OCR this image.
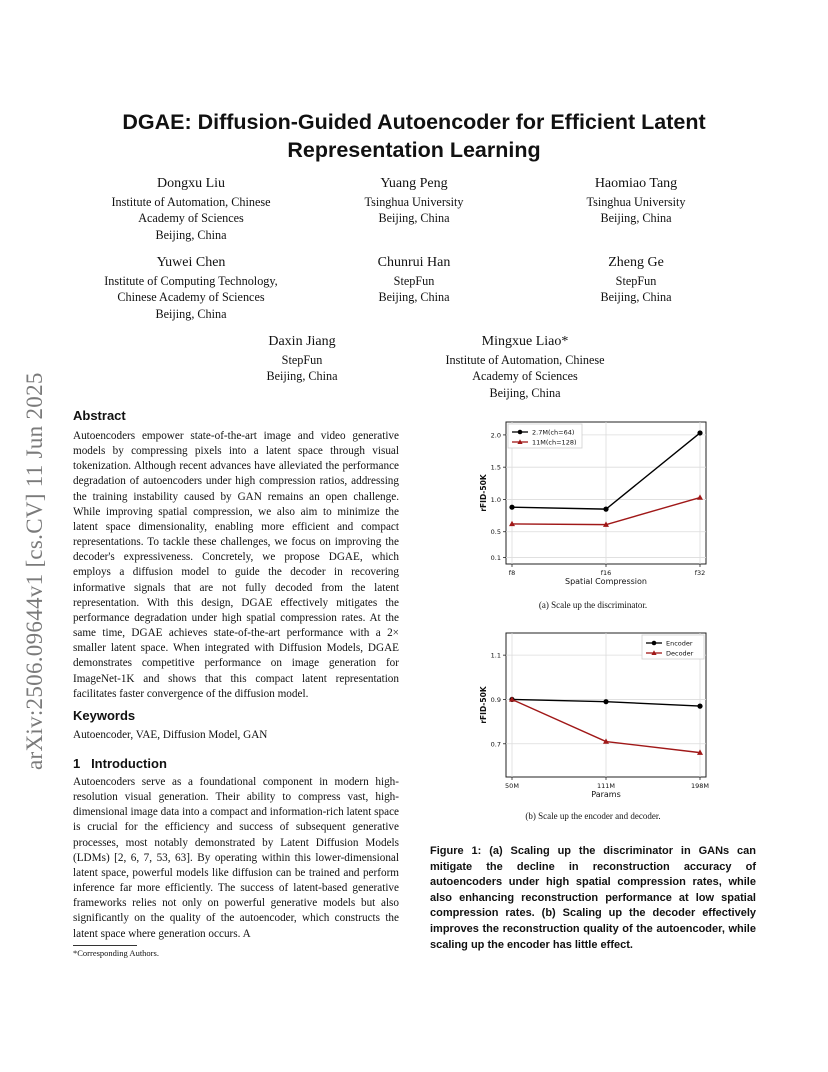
arXiv:2506.09644v1 [cs.CV] 11 Jun 2025
DGAE: Diffusion-Guided Autoencoder for Efficient Latent Representation Learning
Dongxu Liu
Institute of Automation, Chinese
Academy of Sciences
Beijing, China
Yuang Peng
Tsinghua University
Beijing, China
Haomiao Tang
Tsinghua University
Beijing, China
Yuwei Chen
Institute of Computing Technology,
Chinese Academy of Sciences
Beijing, China
Chunrui Han
StepFun
Beijing, China
Zheng Ge
StepFun
Beijing, China
Daxin Jiang
StepFun
Beijing, China
Mingxue Liao*
Institute of Automation, Chinese
Academy of Sciences
Beijing, China
Abstract

Autoencoders empower state-of-the-art image and video generative models by compressing pixels into a latent space through visual tokenization. Although recent advances have alleviated the performance degradation of autoencoders under high compression ratios, addressing the training instability caused by GAN remains an open challenge. While improving spatial compression, we also aim to minimize the latent space dimensionality, enabling more efficient and compact representations. To tackle these challenges, we focus on improving the decoder's expressiveness. Concretely, we propose DGAE, which employs a diffusion model to guide the decoder in recovering informative signals that are not fully decoded from the latent representation. With this design, DGAE effectively mitigates the performance degradation under high spatial compression rates. At the same time, DGAE achieves state-of-the-art performance with a 2× smaller latent space. When integrated with Diffusion Models, DGAE demonstrates competitive performance on image generation for ImageNet-1K and shows that this compact latent representation facilitates faster convergence of the diffusion model.

Keywords
Autoencoder, VAE, Diffusion Model, GAN
1   Introduction

Autoencoders serve as a foundational component in modern high-resolution visual generation. Their ability to compress vast, high-dimensional image data into a compact and information-rich latent space is crucial for the efficiency and success of subsequent generative processes, most notably demonstrated by Latent Diffusion Models (LDMs) [2, 6, 7, 53, 63]. By operating within this lower-dimensional latent space, powerful models like diffusion can be trained and perform inference far more efficiently. The success of latent-based generative frameworks relies not only on powerful generative models but also significantly on the quality of the autoencoder, which constructs the latent space where generation occurs. A

*Corresponding Authors.
0.1
0.5
1.0
1.5
2.0
f8	f16	f32
Spatial Compression
rFID-50K
2.7M(ch=64)
11M(ch=128)
(a) Scale up the discriminator.
0.7
0.9
1.1
50M	111M	198M
Params
rFID-50K
Encoder
Decoder
(b) Scale up the encoder and decoder.
Figure 1: (a) Scaling up the discriminator in GANs can mitigate the decline in reconstruction accuracy of autoencoders under high spatial compression rates, while also enhancing reconstruction performance at low spatial compression rates. (b) Scaling up the decoder effectively improves the reconstruction quality of the autoencoder, while scaling up the encoder has little effect.
